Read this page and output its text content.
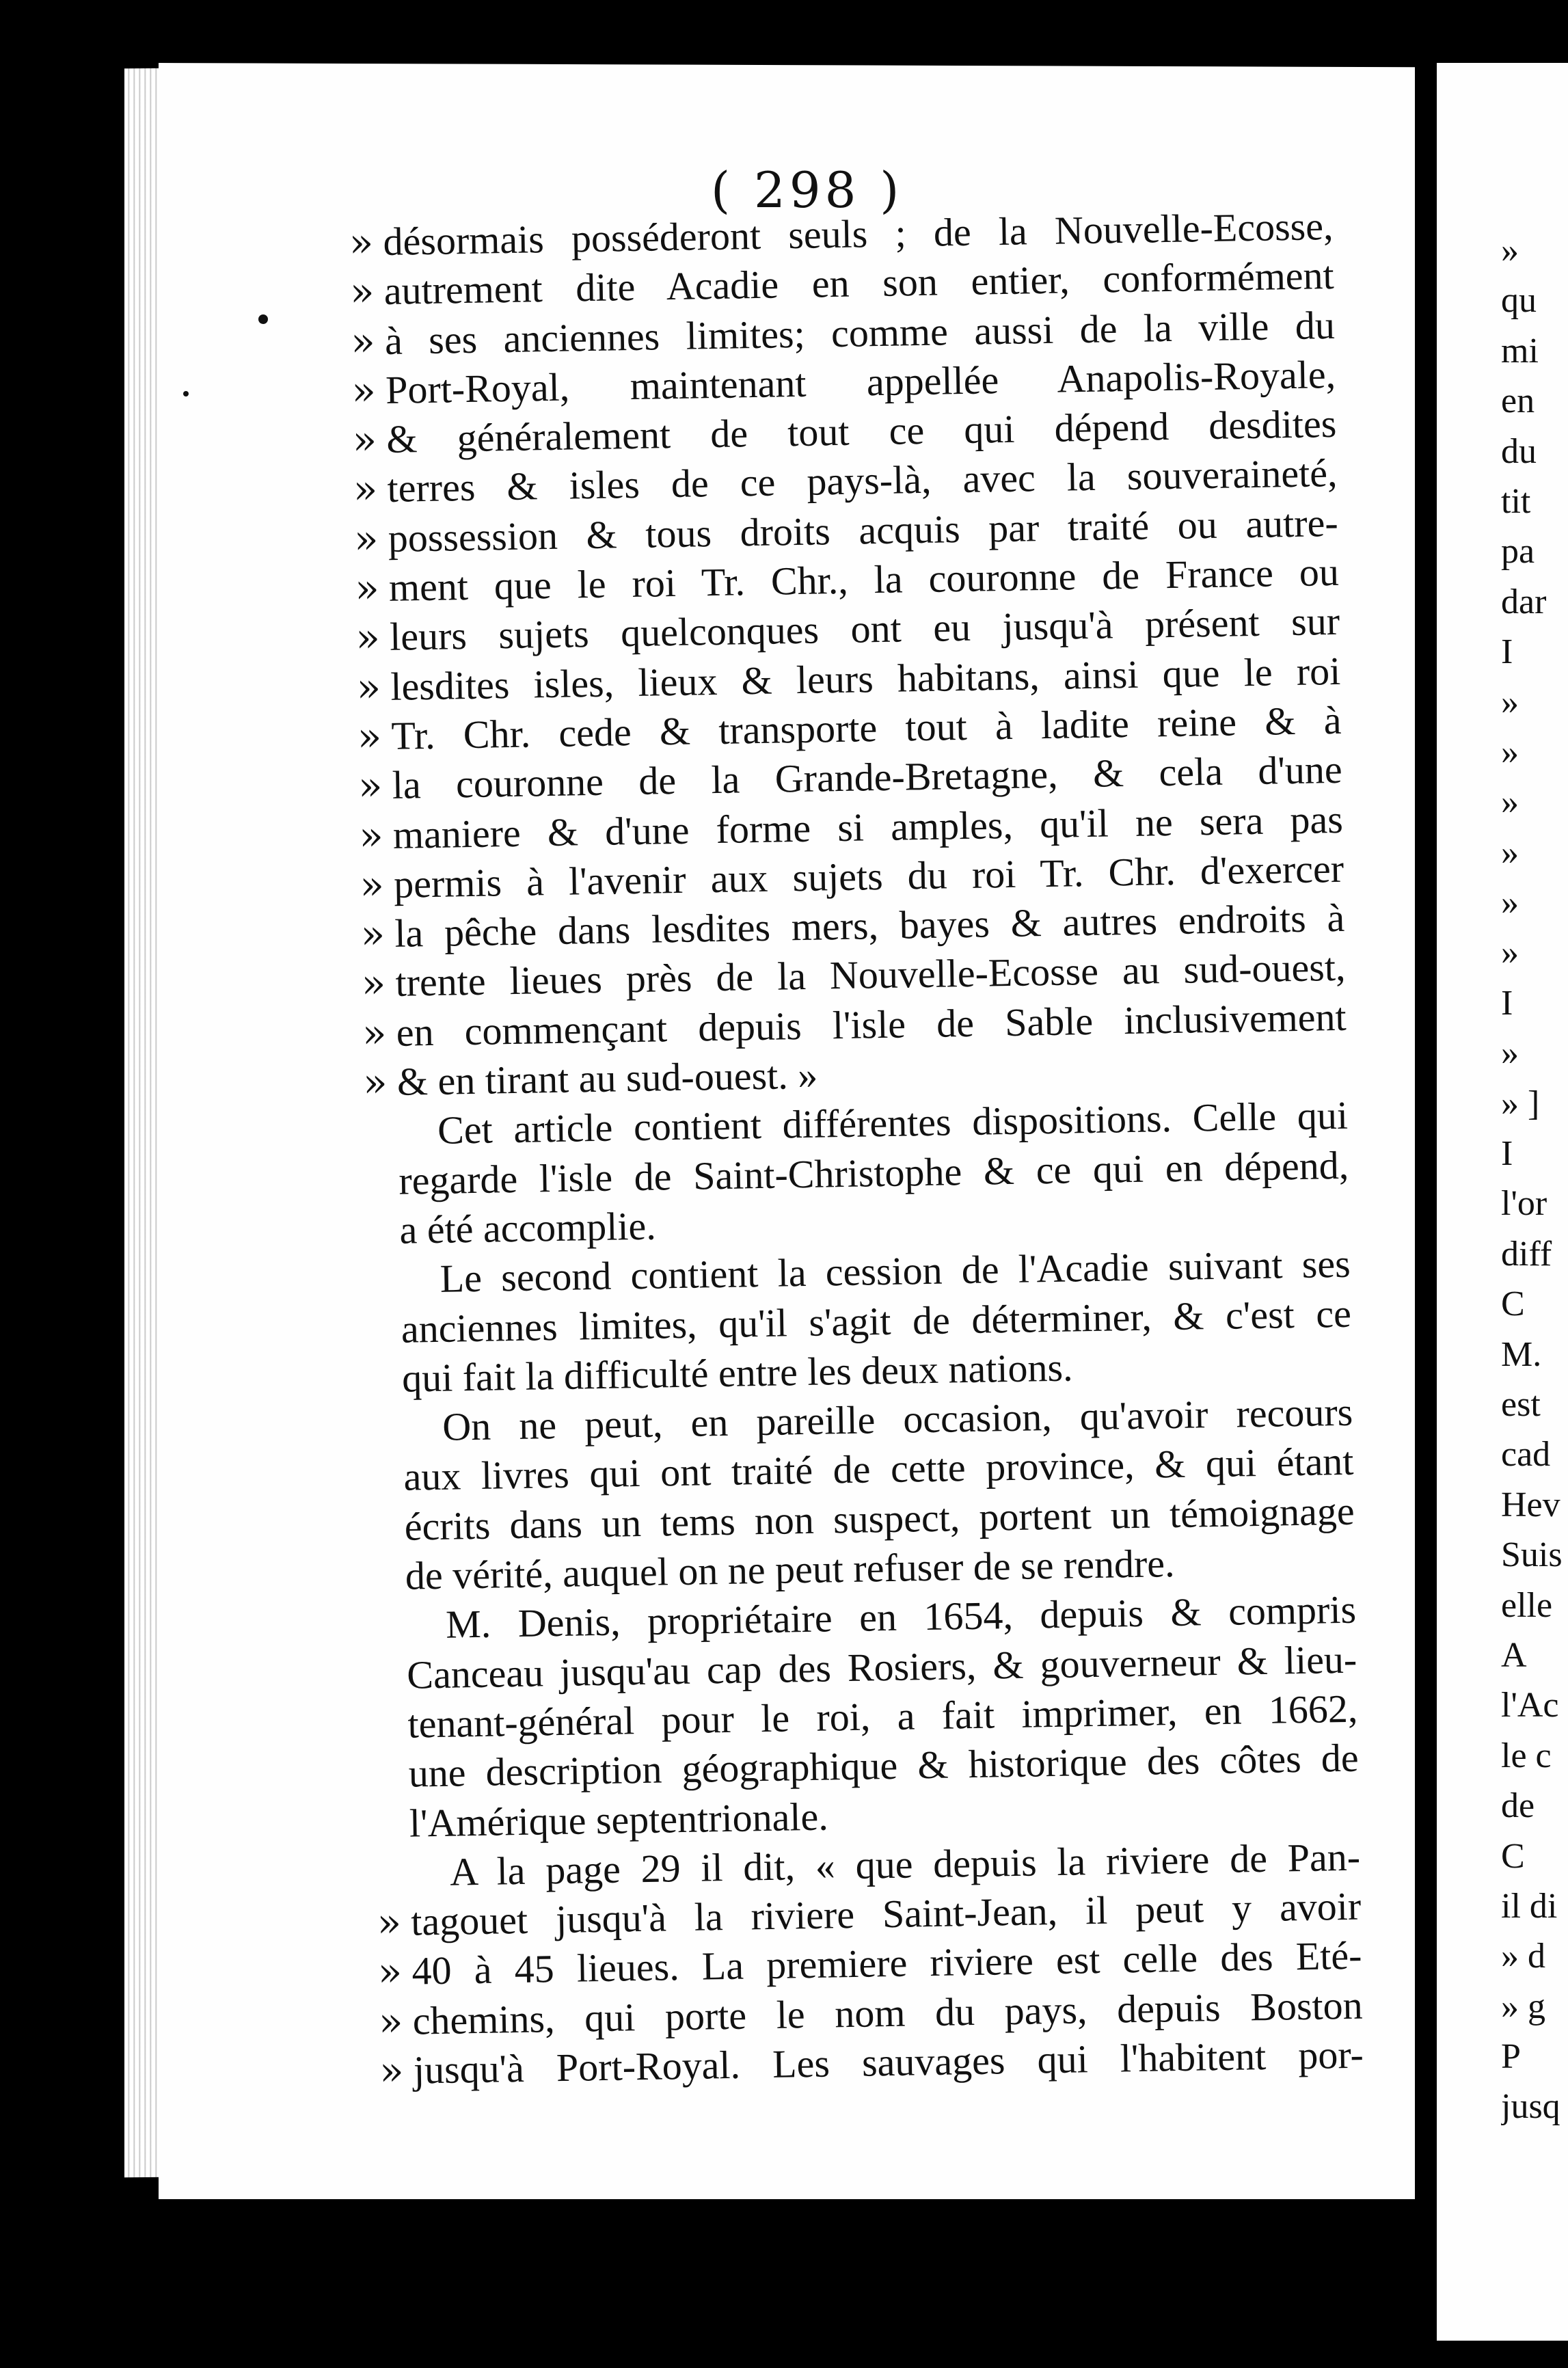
( 298 )
» désormais posséderont seuls ; de la Nouvelle-Ecosse,
» autrement dite Acadie en son entier, conformément
» à ses anciennes limites; comme aussi de la ville du
» Port-Royal, maintenant appellée Anapolis-Royale,
» & généralement de tout ce qui dépend desdites
» terres & isles de ce pays-là, avec la souveraineté,
» possession & tous droits acquis par traité ou autre-
» ment que le roi Tr. Chr., la couronne de France ou
» leurs sujets quelconques ont eu jusqu'à présent sur
» lesdites isles, lieux & leurs habitans, ainsi que le roi
» Tr. Chr. cede & transporte tout à ladite reine & à
» la couronne de la Grande-Bretagne, & cela d'une
» maniere & d'une forme si amples, qu'il ne sera pas
» permis à l'avenir aux sujets du roi Tr. Chr. d'exercer
» la pêche dans lesdites mers, bayes & autres endroits à
» trente lieues près de la Nouvelle-Ecosse au sud-ouest,
» en commençant depuis l'isle de Sable inclusivement
» & en tirant au sud-ouest. »
Cet article contient différentes dispositions. Celle qui
regarde l'isle de Saint-Christophe & ce qui en dépend,
a été accomplie.
Le second contient la cession de l'Acadie suivant ses
anciennes limites, qu'il s'agit de déterminer, & c'est ce
qui fait la difficulté entre les deux nations.
On ne peut, en pareille occasion, qu'avoir recours
aux livres qui ont traité de cette province, & qui étant
écrits dans un tems non suspect, portent un témoignage
de vérité, auquel on ne peut refuser de se rendre.
M. Denis, propriétaire en 1654, depuis & compris
Canceau jusqu'au cap des Rosiers, & gouverneur & lieu-
tenant-général pour le roi, a fait imprimer, en 1662,
une description géographique & historique des côtes de
l'Amérique septentrionale.
A la page 29 il dit, « que depuis la riviere de Pan-
» tagouet jusqu'à la riviere Saint-Jean, il peut y avoir
» 40 à 45 lieues. La premiere riviere est celle des Eté-
» chemins, qui porte le nom du pays, depuis Boston
» jusqu'à Port-Royal. Les sauvages qui l'habitent por-
»
qu
mi
en
du
tit
pa
dar
I
»
»
»
»
»
»
I
»
» ]
I
l'or
diff
C
M.
est
cad
Hev
Suis
elle
A
l'Ac
le c
de
C
il di
» d
» g
P
jusq
